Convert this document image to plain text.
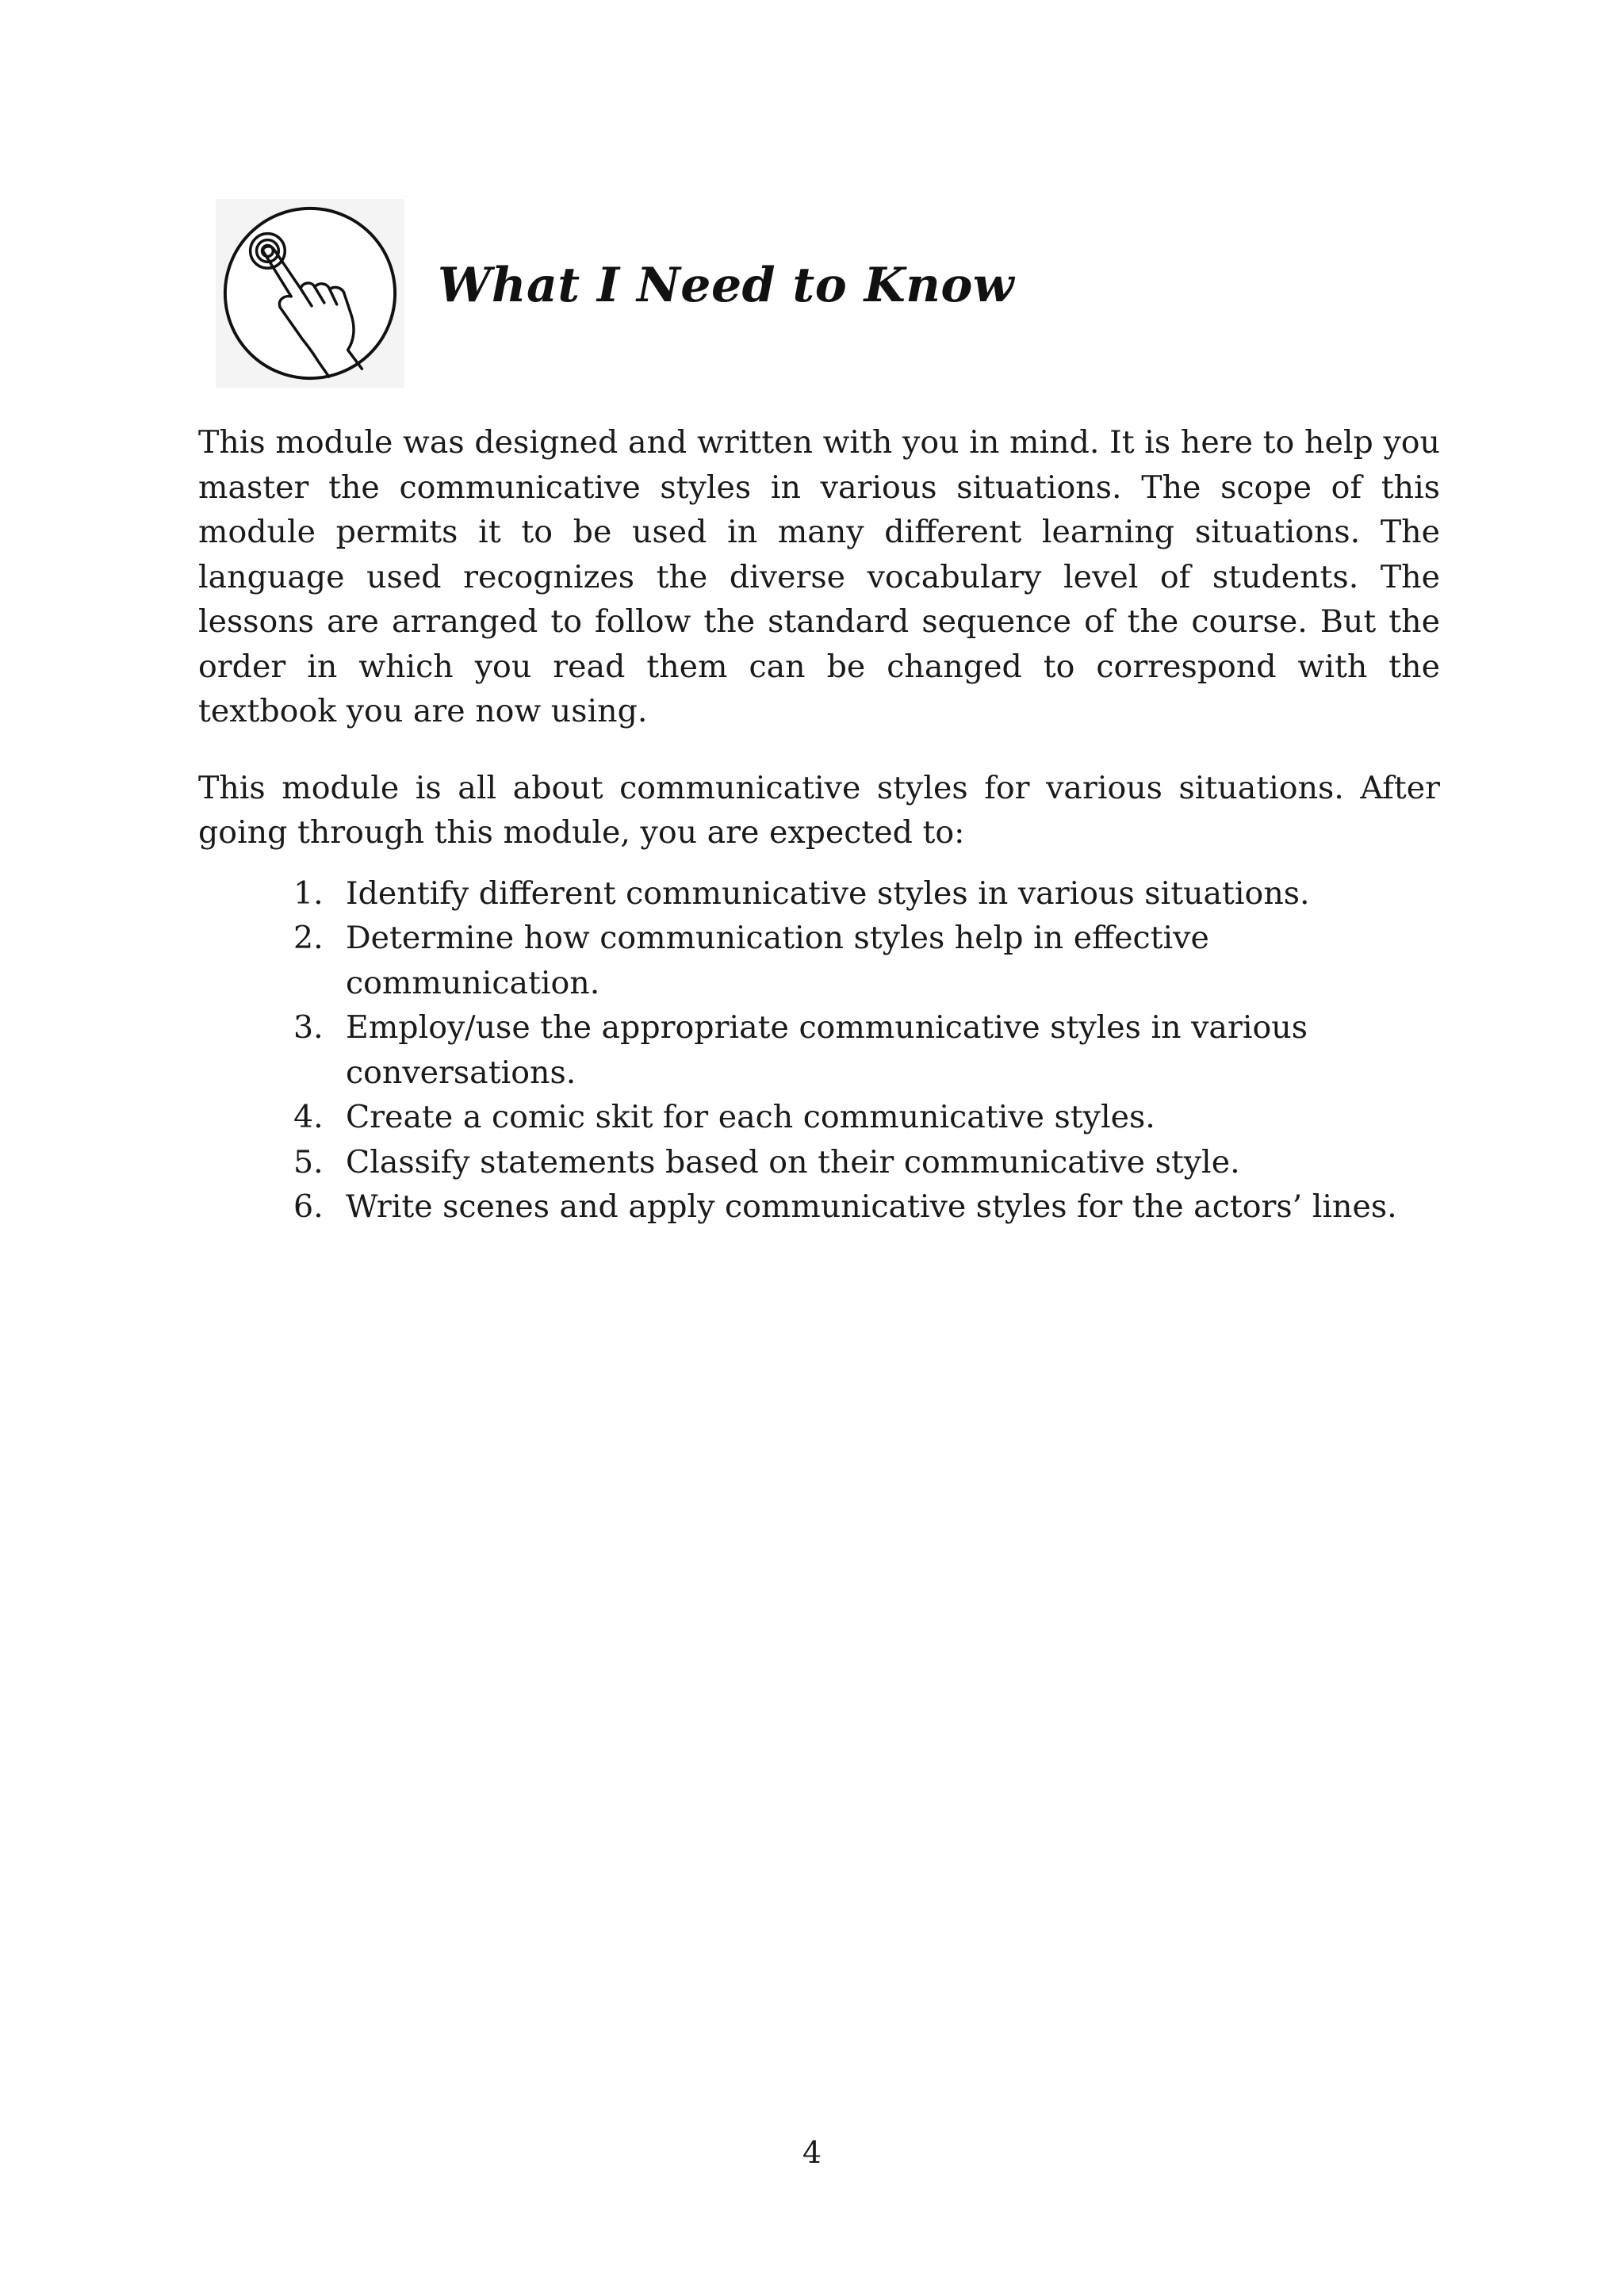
What I Need to Know

This module was designed and written with you in mind. It is here to help you master the communicative styles in various situations. The scope of this module permits it to be used in many different learning situations. The language used recognizes the diverse vocabulary level of students. The lessons are arranged to follow the standard sequence of the course. But the order in which you read them can be changed to correspond with the textbook you are now using.

This module is all about communicative styles for various situations. After going through this module, you are expected to:

1. Identify different communicative styles in various situations.
2. Determine how communication styles help in effective communication.
3. Employ/use the appropriate communicative styles in various conversations.
4. Create a comic skit for each communicative styles.
5. Classify statements based on their communicative style.
6. Write scenes and apply communicative styles for the actors’ lines.
4
